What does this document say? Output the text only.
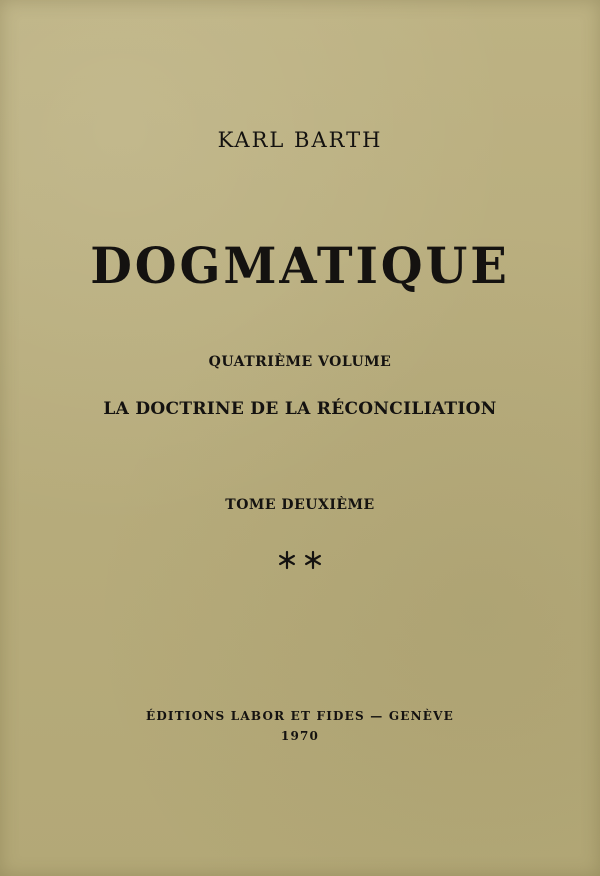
KARL BARTH
DOGMATIQUE
QUATRIÈME VOLUME
LA DOCTRINE DE LA RÉCONCILIATION
TOME DEUXIÈME
ÉDITIONS LABOR ET FIDES — GENÈVE
1970
